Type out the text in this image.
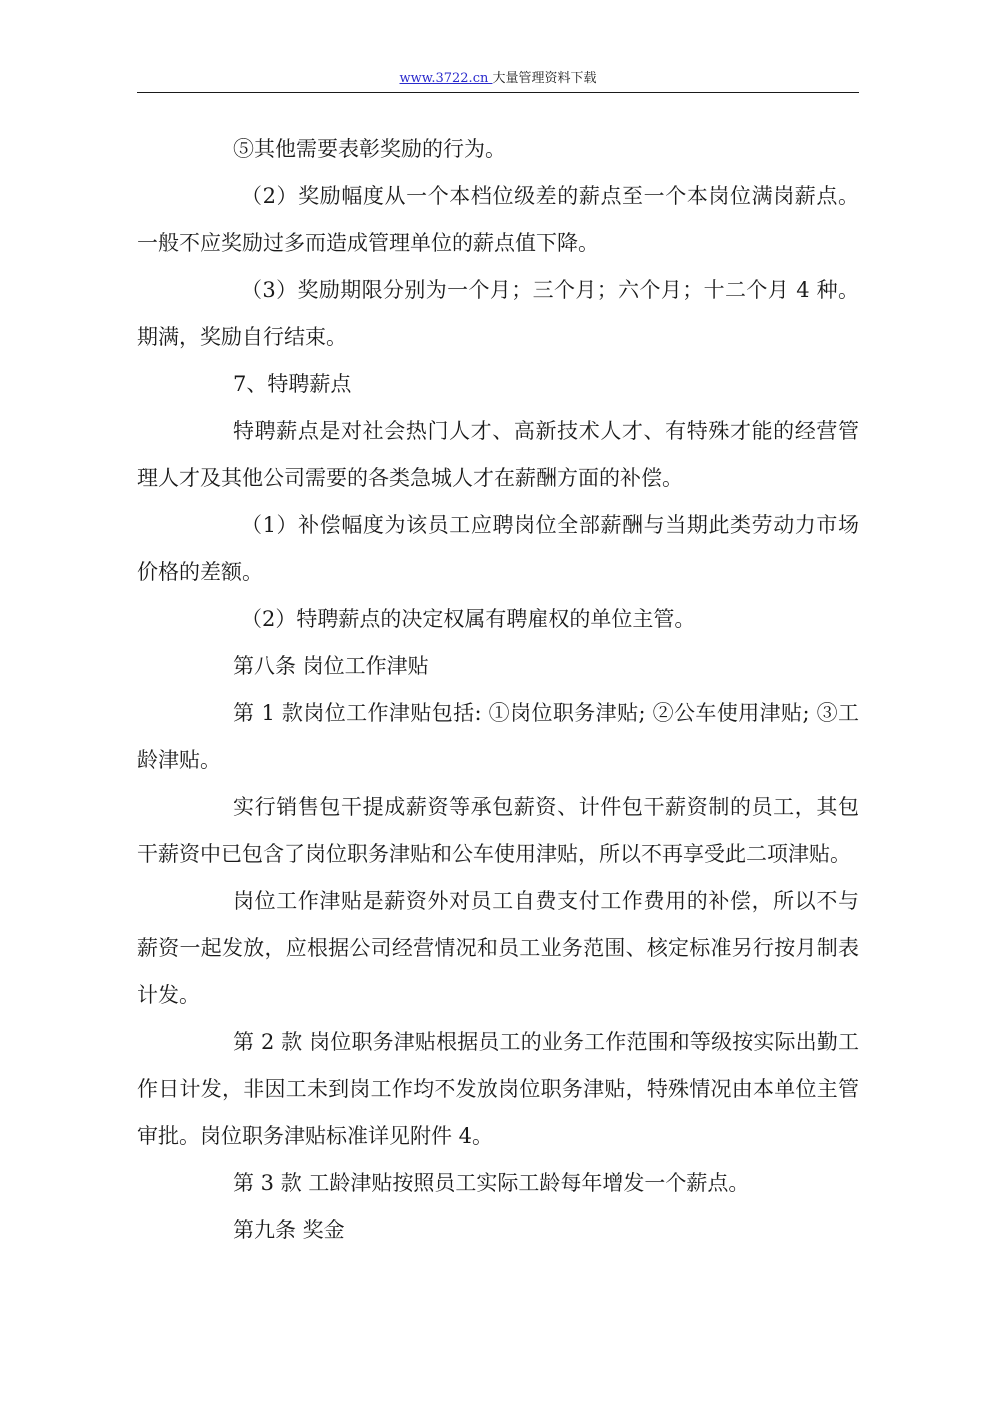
www.3722.cn 大量管理资料下载

⑤其他需要表彰奖励的行为。

（2）奖励幅度从一个本档位级差的薪点至一个本岗位满岗薪点。一般不应奖励过多而造成管理单位的薪点值下降。

（3）奖励期限分别为一个月；三个月；六个月；十二个月 4 种。期满，奖励自行结束。

7、特聘薪点

特聘薪点是对社会热门人才、高新技术人才、有特殊才能的经营管理人才及其他公司需要的各类急城人才在薪酬方面的补偿。

（1）补偿幅度为该员工应聘岗位全部薪酬与当期此类劳动力市场价格的差额。

（2）特聘薪点的决定权属有聘雇权的单位主管。

第八条 岗位工作津贴

第 1 款岗位工作津贴包括: ①岗位职务津贴; ②公车使用津贴; ③工龄津贴。

实行销售包干提成薪资等承包薪资、计件包干薪资制的员工，其包干薪资中已包含了岗位职务津贴和公车使用津贴，所以不再享受此二项津贴。

岗位工作津贴是薪资外对员工自费支付工作费用的补偿，所以不与薪资一起发放，应根据公司经营情况和员工业务范围、核定标准另行按月制表计发。

第 2 款 岗位职务津贴根据员工的业务工作范围和等级按实际出勤工作日计发，非因工未到岗工作均不发放岗位职务津贴，特殊情况由本单位主管审批。岗位职务津贴标准详见附件 4。

第 3 款 工龄津贴按照员工实际工龄每年增发一个薪点。

第九条 奖金
